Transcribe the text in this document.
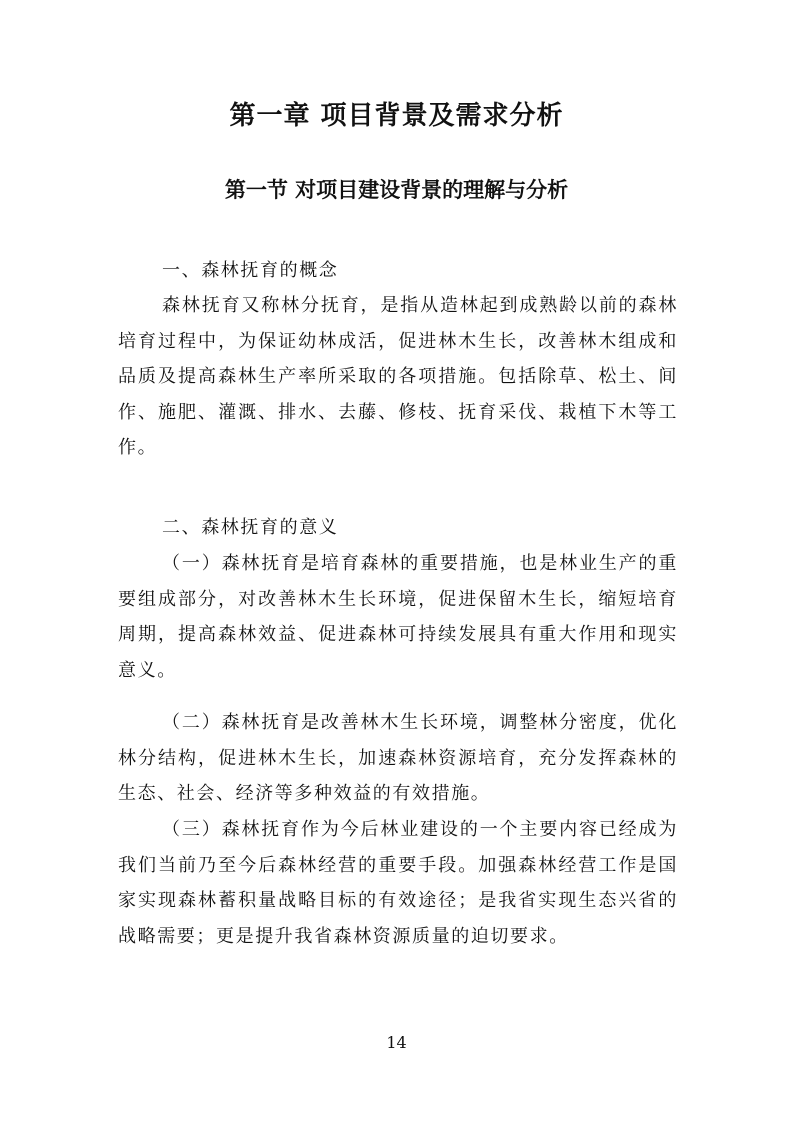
第一章 项目背景及需求分析
第一节 对项目建设背景的理解与分析

一、森林抚育的概念

森林抚育又称林分抚育，是指从造林起到成熟龄以前的森林培育过程中，为保证幼林成活，促进林木生长，改善林木组成和品质及提高森林生产率所采取的各项措施。包括除草、松土、间作、施肥、灌溉、排水、去藤、修枝、抚育采伐、栽植下木等工作。

二、森林抚育的意义

（一）森林抚育是培育森林的重要措施，也是林业生产的重要组成部分，对改善林木生长环境，促进保留木生长，缩短培育周期，提高森林效益、促进森林可持续发展具有重大作用和现实意义。

（二）森林抚育是改善林木生长环境，调整林分密度，优化林分结构，促进林木生长，加速森林资源培育，充分发挥森林的生态、社会、经济等多种效益的有效措施。

（三）森林抚育作为今后林业建设的一个主要内容已经成为我们当前乃至今后森林经营的重要手段。加强森林经营工作是国家实现森林蓄积量战略目标的有效途径；是我省实现生态兴省的战略需要；更是提升我省森林资源质量的迫切要求。

14
